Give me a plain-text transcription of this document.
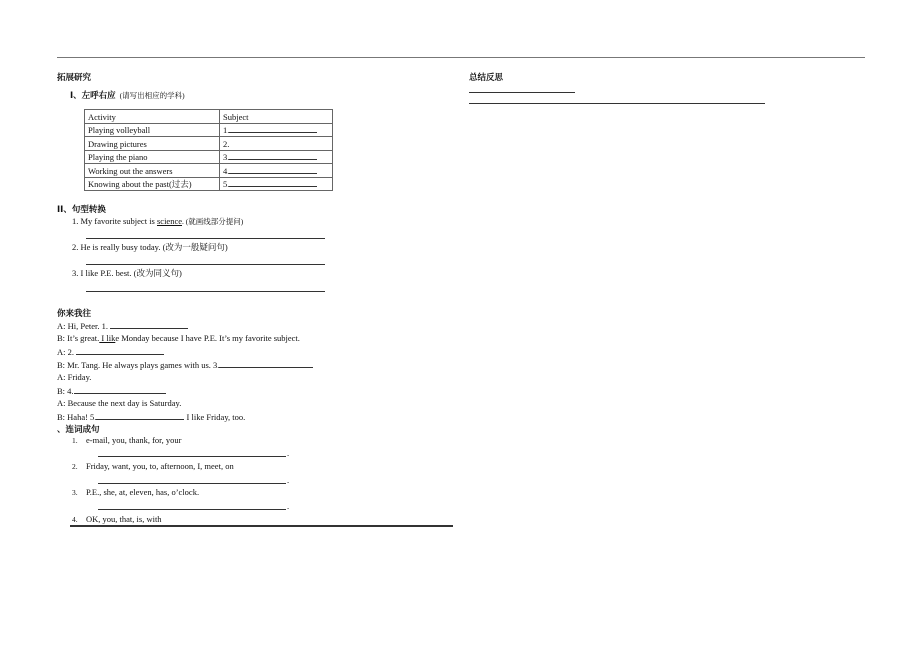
拓展研究
I、左呼右应 (请写出相应的学科)
Activity	Subject
Playing volleyball	1.
Drawing pictures	2.
Playing the piano	3.
Working out the answers	4.
Knowing about the past(过去)	5.
II、句型转换
1. My favorite subject is science. (就画线部分提问)
2. He is really busy today. (改为一般疑问句)
3. I like P.E. best. (改为同义句)
你来我往
A: Hi, Peter. 1.
B: It’s great. I like Monday because I have P.E. It’s my favorite subject.
A: 2.
B: Mr. Tang. He always plays games with us. 3.
A: Friday.
B: 4.
A: Because the next day is Saturday.
B: Haha! 5.	I like Friday, too.
、连词成句
1. e-mail, you, thank, for, your
.
2. Friday, want, you, to, afternoon, I, meet, on
.
3. P.E., she, at, eleven, has, o’clock.
.
4. OK, you, that, is, with
总结反思
